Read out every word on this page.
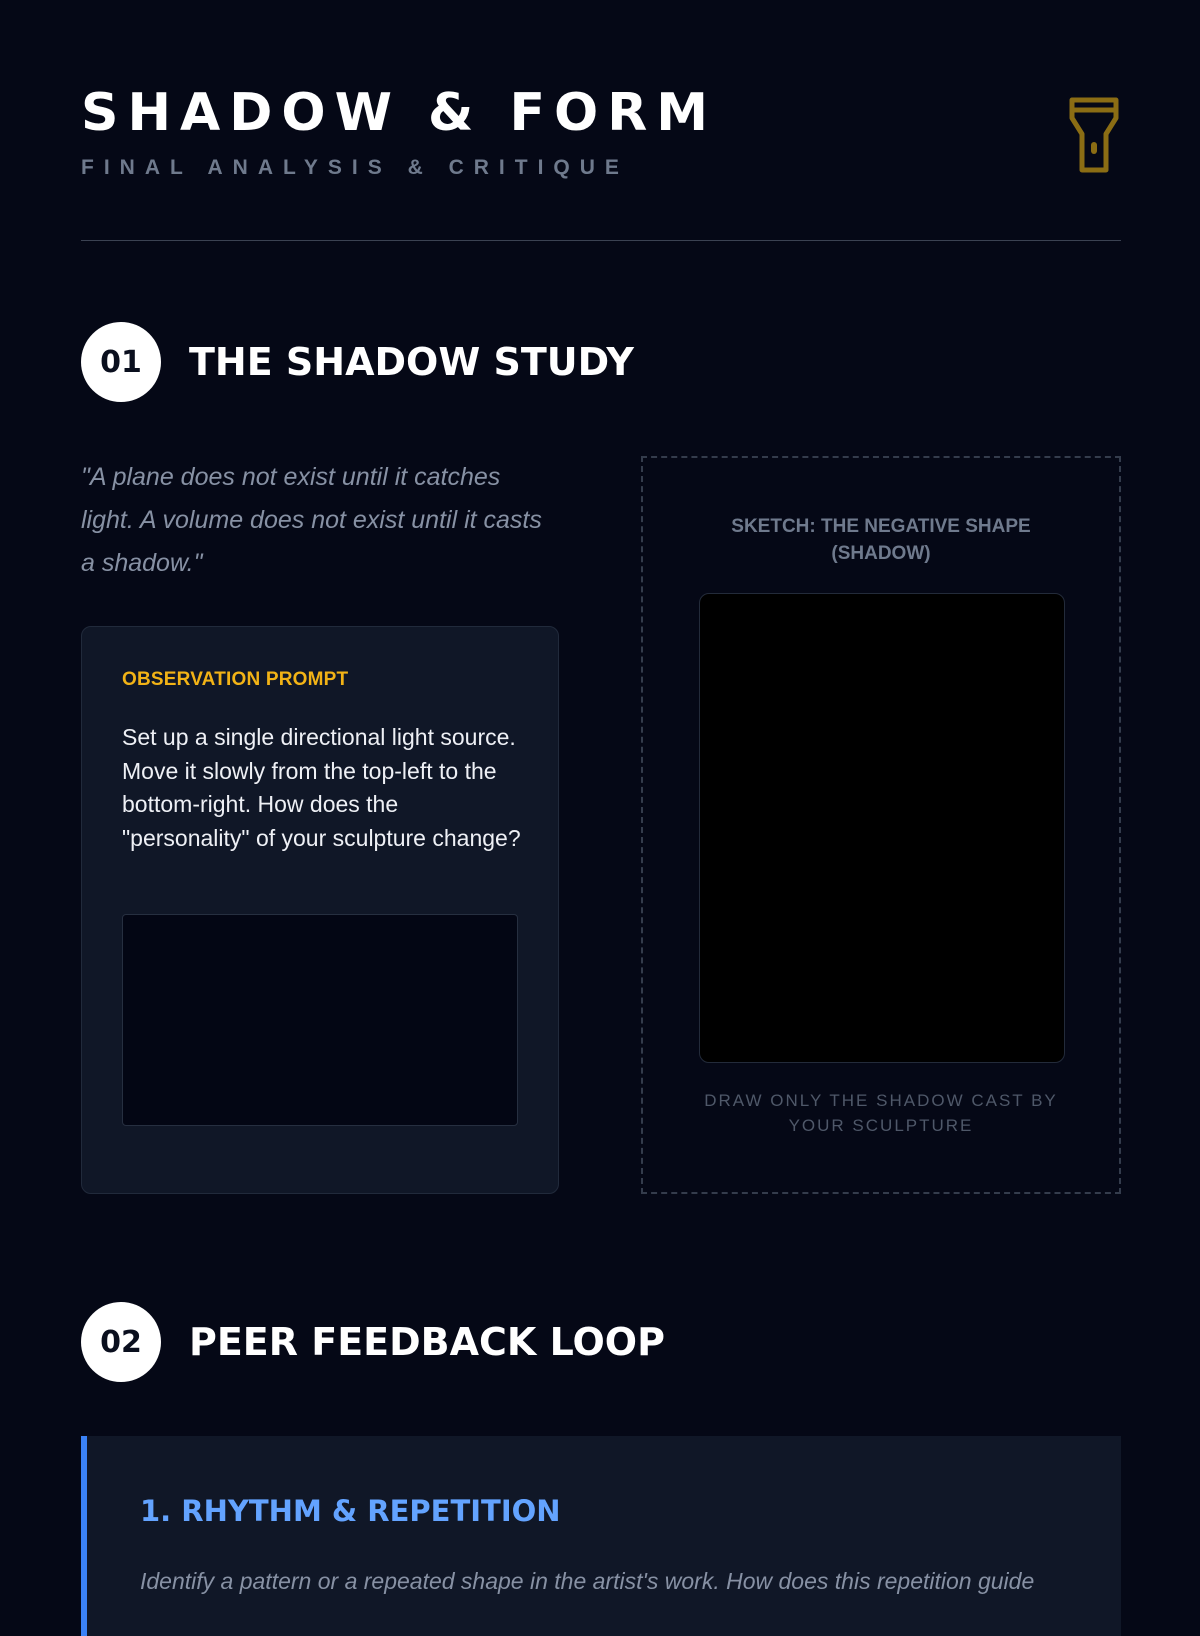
SHADOW & FORM
FINAL ANALYSIS & CRITIQUE
01	THE SHADOW STUDY
"A plane does not exist until it catches light. A volume does not exist until it casts a shadow."
OBSERVATION PROMPT
Set up a single directional light source. Move it slowly from the top-left to the bottom-right. How does the "personality" of your sculpture change?
SKETCH: THE NEGATIVE SHAPE
(SHADOW)
DRAW ONLY THE SHADOW CAST BY
YOUR SCULPTURE
02	PEER FEEDBACK LOOP
1. RHYTHM & REPETITION
Identify a pattern or a repeated shape in the artist's work. How does this repetition guide
